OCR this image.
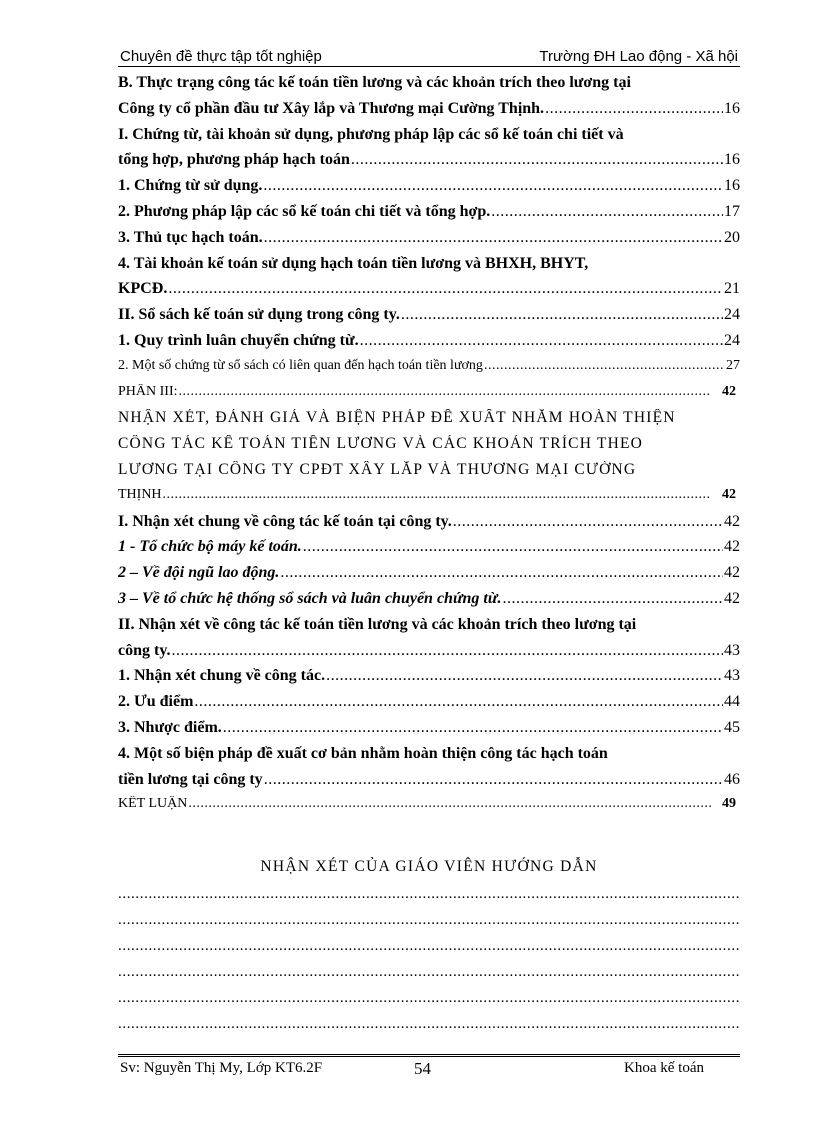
Chuyên đề thực tập tốt nghiệp	Trường ĐH Lao động - Xã hội
B. Thực trạng công tác kế toán tiền lương và các khoản trích theo lương tại
Công ty cổ phần đầu tư Xây lắp và Thương mại Cường Thịnh. .....	16
I. Chứng từ, tài khoản sử dụng, phương pháp lập các sổ kế toán chi tiết và
tổng hợp, phương pháp hạch toán .....	16
1. Chứng từ sử dụng. .....	16
2. Phương pháp lập các sổ kế toán chi tiết và tổng hợp. .....	17
3. Thủ tục hạch toán. .....	20
4. Tài khoản kế toán sử dụng hạch toán tiền lương và BHXH, BHYT,
KPCĐ. .....	21
II. Sổ sách kế toán sử dụng trong công ty. .....	24
1. Quy trình luân chuyển chứng từ. .....	24
2. Một số chứng từ sổ sách có liên quan đến hạch toán tiền lương .....	27
PHẦN III: .....	42
NHẬN XÉT, ĐÁNH GIÁ VÀ BIỆN PHÁP ĐỀ XUẤT NHẰM HOÀN THIỆN
CÔNG TÁC KẾ TOÁN TIỀN LƯƠNG VÀ CÁC KHOẢN TRÍCH THEO
LƯƠNG TẠI CÔNG TY CPĐT XÂY LẮP VÀ THƯƠNG MẠI CƯỜNG
THỊNH .....	42
I. Nhận xét chung về công tác kế toán tại công ty. .....	42
1 - Tổ chức bộ máy kế toán. .....	42
2 – Về đội ngũ lao động. .....	42
3 – Về tổ chức hệ thống sổ sách và luân chuyển chứng từ. .....	42
II. Nhận xét về công tác kế toán tiền lương và các khoản trích theo lương tại
công ty. .....	43
1. Nhận xét chung về công tác. .....	43
2. Ưu điểm .....	44
3. Nhược điểm. .....	45
4. Một số biện pháp đề xuất cơ bản nhằm hoàn thiện công tác hạch toán
tiền lương tại công ty .....	46
KẾT LUẬN .....	49
NHẬN XÉT CỦA GIÁO VIÊN HƯỚNG DẪN
.....
.....
.....
.....
.....
.....
Sv: Nguyễn Thị My, Lớp KT6.2F	54	Khoa kế toán
